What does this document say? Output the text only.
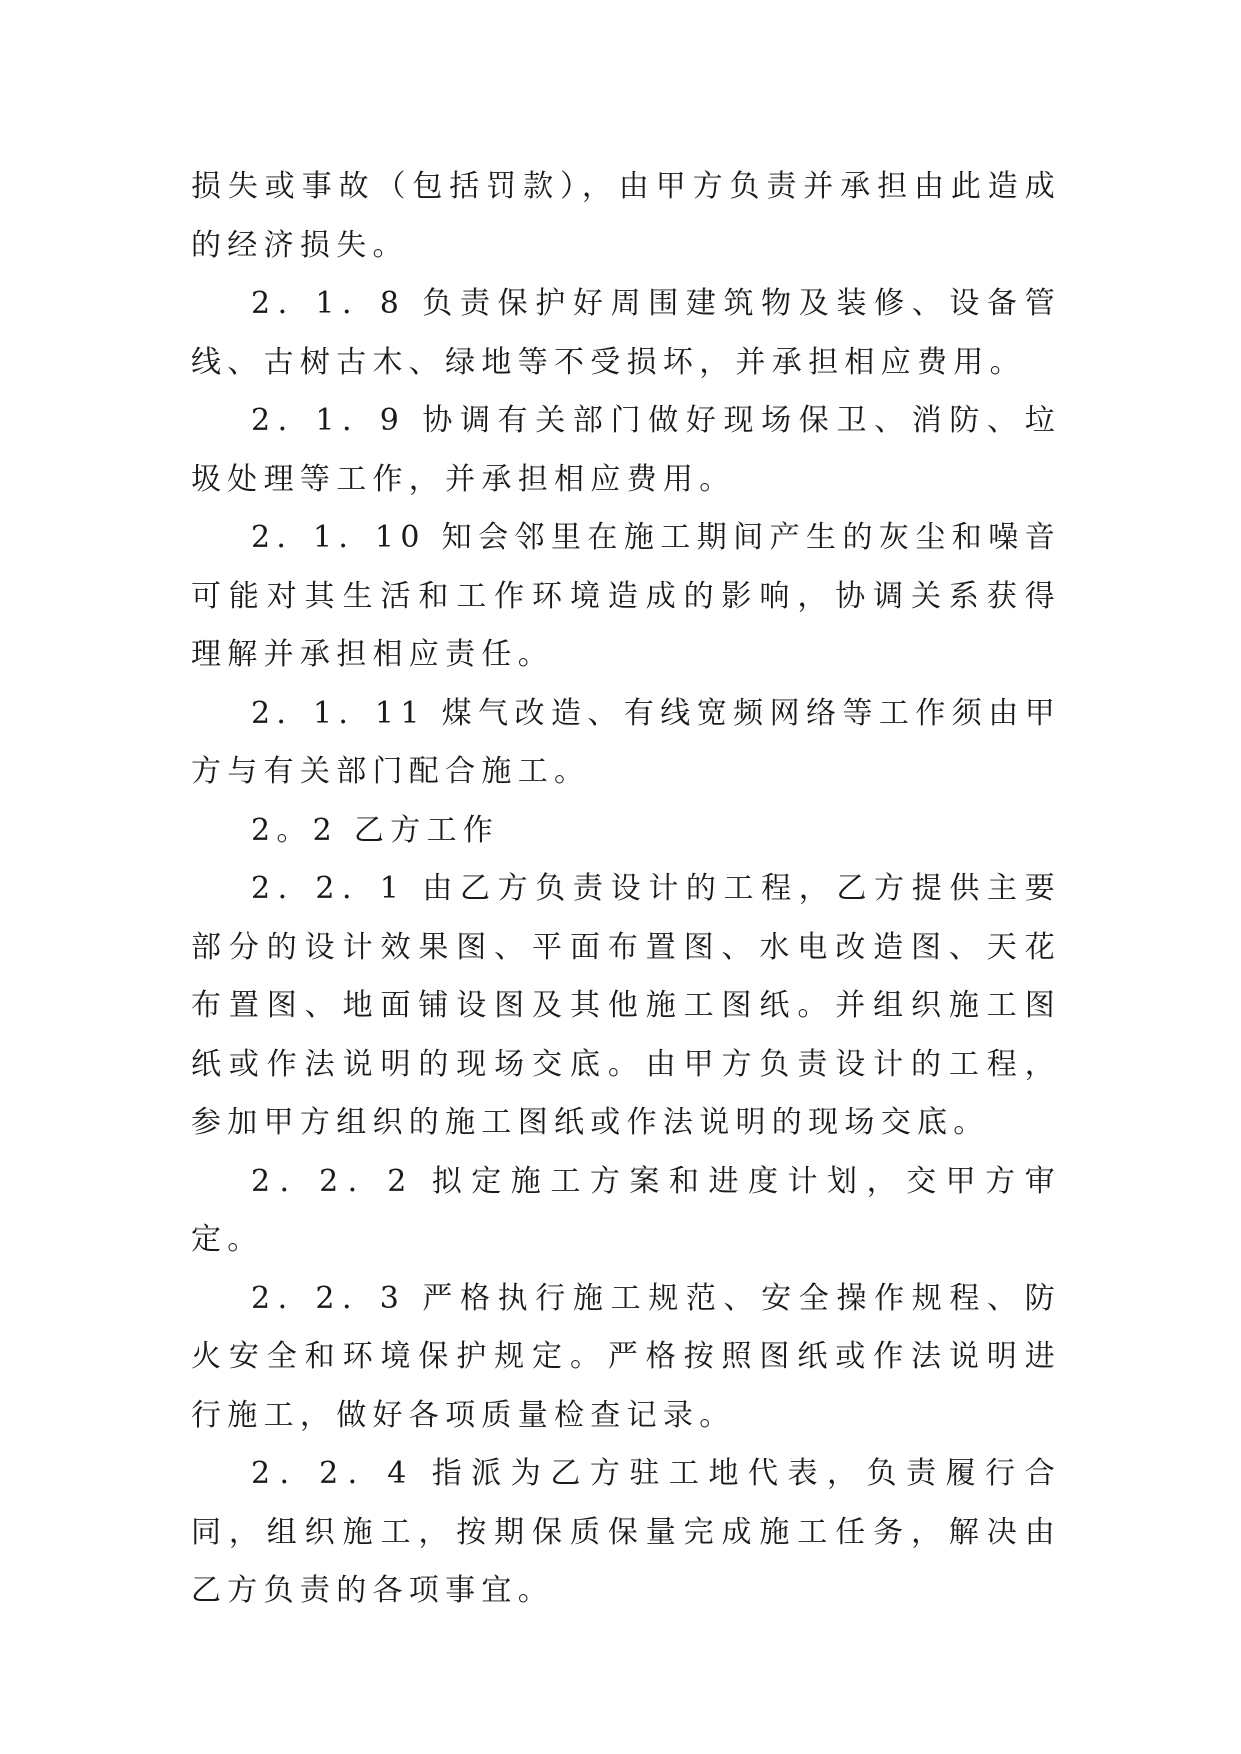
损失或事故（包括罚款），由甲方负责并承担由此造成的经济损失。

2．1．8 负责保护好周围建筑物及装修、设备管线、古树古木、绿地等不受损坏，并承担相应费用。

2．1．9 协调有关部门做好现场保卫、消防、垃圾处理等工作，并承担相应费用。

2．1．10 知会邻里在施工期间产生的灰尘和噪音可能对其生活和工作环境造成的影响，协调关系获得理解并承担相应责任。

2．1．11 煤气改造、有线宽频网络等工作须由甲方与有关部门配合施工。

2。2 乙方工作

2．2．1 由乙方负责设计的工程，乙方提供主要部分的设计效果图、平面布置图、水电改造图、天花布置图、地面铺设图及其他施工图纸。并组织施工图纸或作法说明的现场交底。由甲方负责设计的工程，参加甲方组织的施工图纸或作法说明的现场交底。

2．2．2 拟定施工方案和进度计划，交甲方审定。

2．2．3 严格执行施工规范、安全操作规程、防火安全和环境保护规定。严格按照图纸或作法说明进行施工，做好各项质量检查记录。

2．2．4 指派为乙方驻工地代表，负责履行合同，组织施工，按期保质保量完成施工任务，解决由乙方负责的各项事宜。
